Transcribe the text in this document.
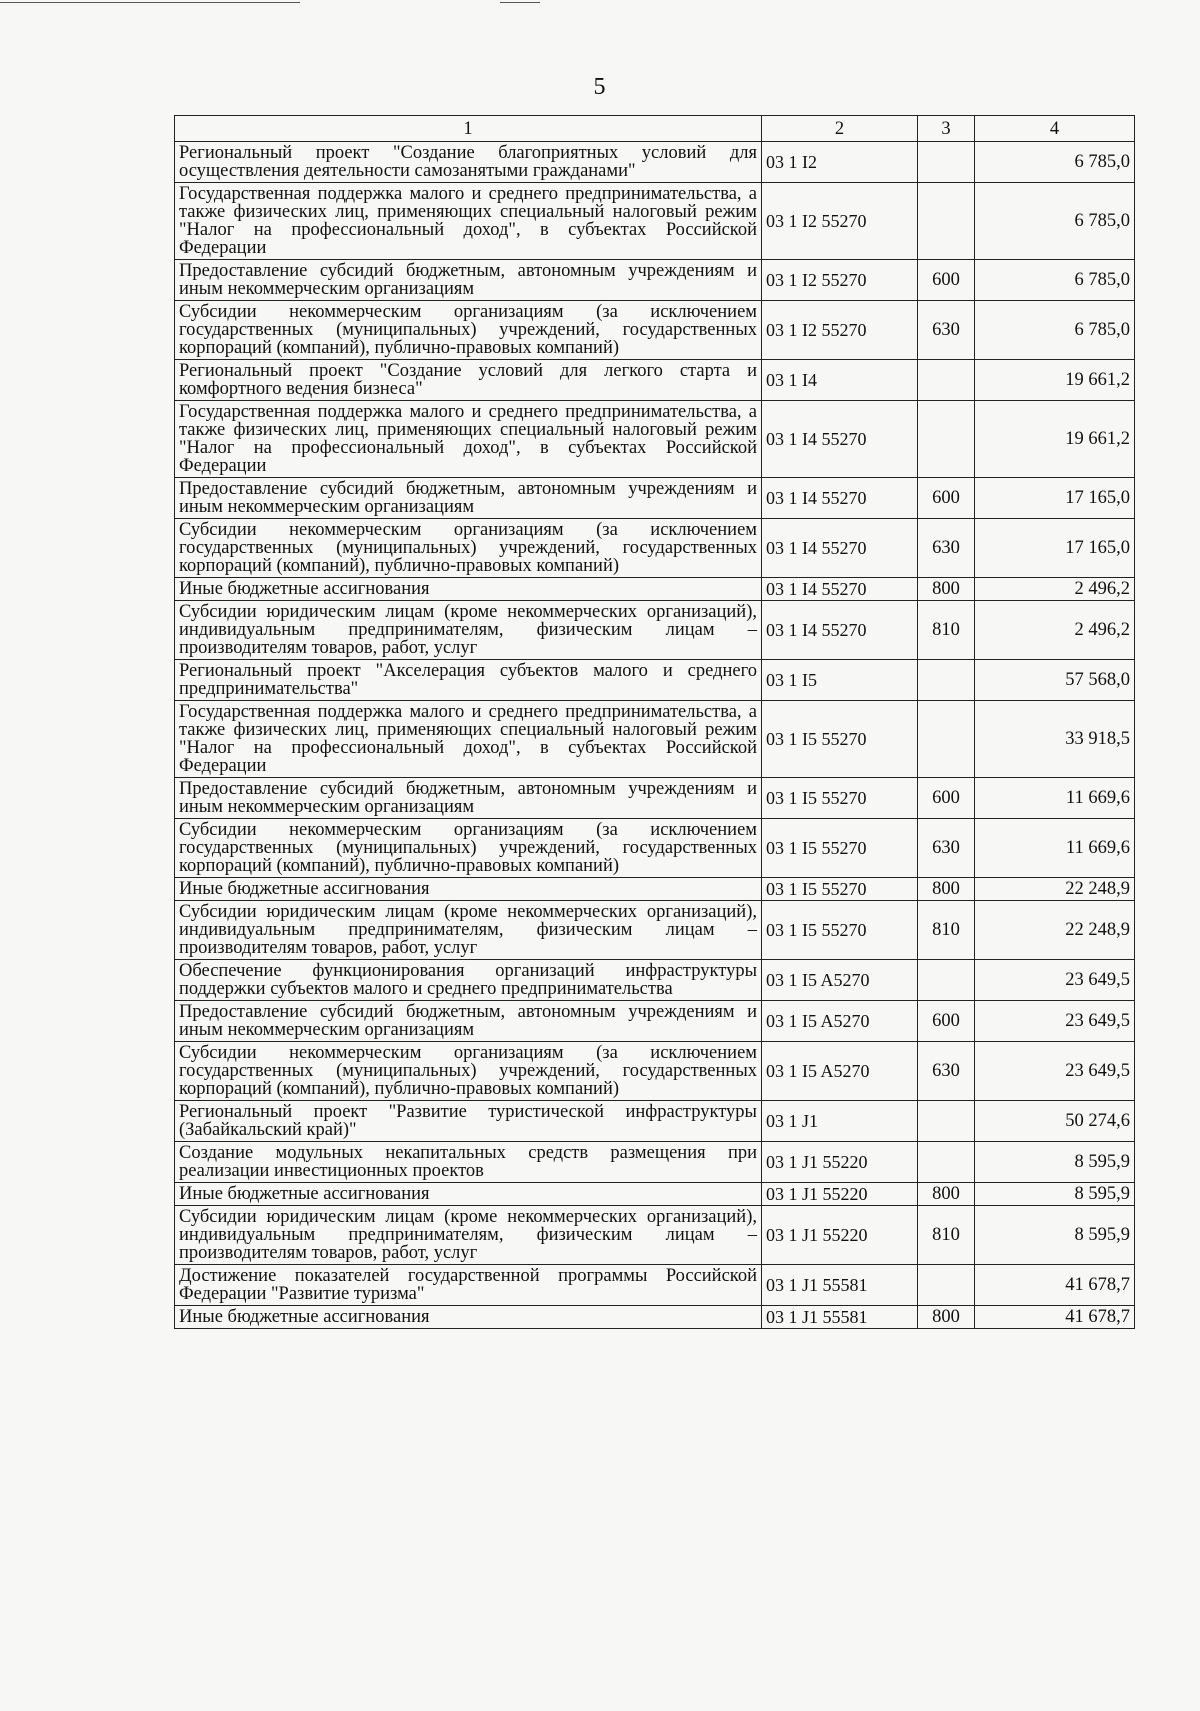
5
1	2	3	4
Региональный проект "Создание благоприятных условий для осуществления деятельности самозанятыми гражданами"	03 1 I2		6 785,0
Государственная поддержка малого и среднего предпринимательства, а также физических лиц, применяющих специальный налоговый режим "Налог на профессиональный доход", в субъектах Российской Федерации	03 1 I2 55270		6 785,0
Предоставление субсидий бюджетным, автономным учреждениям и иным некоммерческим организациям	03 1 I2 55270	600	6 785,0
Субсидии некоммерческим организациям (за исключением государственных (муниципальных) учреждений, государственных корпораций (компаний), публично-правовых компаний)	03 1 I2 55270	630	6 785,0
Региональный проект "Создание условий для легкого старта и комфортного ведения бизнеса"	03 1 I4		19 661,2
Государственная поддержка малого и среднего предпринимательства, а также физических лиц, применяющих специальный налоговый режим "Налог на профессиональный доход", в субъектах Российской Федерации	03 1 I4 55270		19 661,2
Предоставление субсидий бюджетным, автономным учреждениям и иным некоммерческим организациям	03 1 I4 55270	600	17 165,0
Субсидии некоммерческим организациям (за исключением государственных (муниципальных) учреждений, государственных корпораций (компаний), публично-правовых компаний)	03 1 I4 55270	630	17 165,0
Иные бюджетные ассигнования	03 1 I4 55270	800	2 496,2
Субсидии юридическим лицам (кроме некоммерческих организаций), индивидуальным предпринимателям, физическим лицам – производителям товаров, работ, услуг	03 1 I4 55270	810	2 496,2
Региональный проект "Акселерация субъектов малого и среднего предпринимательства"	03 1 I5		57 568,0
Государственная поддержка малого и среднего предпринимательства, а также физических лиц, применяющих специальный налоговый режим "Налог на профессиональный доход", в субъектах Российской Федерации	03 1 I5 55270		33 918,5
Предоставление субсидий бюджетным, автономным учреждениям и иным некоммерческим организациям	03 1 I5 55270	600	11 669,6
Субсидии некоммерческим организациям (за исключением государственных (муниципальных) учреждений, государственных корпораций (компаний), публично-правовых компаний)	03 1 I5 55270	630	11 669,6
Иные бюджетные ассигнования	03 1 I5 55270	800	22 248,9
Субсидии юридическим лицам (кроме некоммерческих организаций), индивидуальным предпринимателям, физическим лицам – производителям товаров, работ, услуг	03 1 I5 55270	810	22 248,9
Обеспечение функционирования организаций инфраструктуры поддержки субъектов малого и среднего предпринимательства	03 1 I5 A5270		23 649,5
Предоставление субсидий бюджетным, автономным учреждениям и иным некоммерческим организациям	03 1 I5 A5270	600	23 649,5
Субсидии некоммерческим организациям (за исключением государственных (муниципальных) учреждений, государственных корпораций (компаний), публично-правовых компаний)	03 1 I5 A5270	630	23 649,5
Региональный проект "Развитие туристической инфраструктуры (Забайкальский край)"	03 1 J1		50 274,6
Создание модульных некапитальных средств размещения при реализации инвестиционных проектов	03 1 J1 55220		8 595,9
Иные бюджетные ассигнования	03 1 J1 55220	800	8 595,9
Субсидии юридическим лицам (кроме некоммерческих организаций), индивидуальным предпринимателям, физическим лицам – производителям товаров, работ, услуг	03 1 J1 55220	810	8 595,9
Достижение показателей государственной программы Российской Федерации "Развитие туризма"	03 1 J1 55581		41 678,7
Иные бюджетные ассигнования	03 1 J1 55581	800	41 678,7
